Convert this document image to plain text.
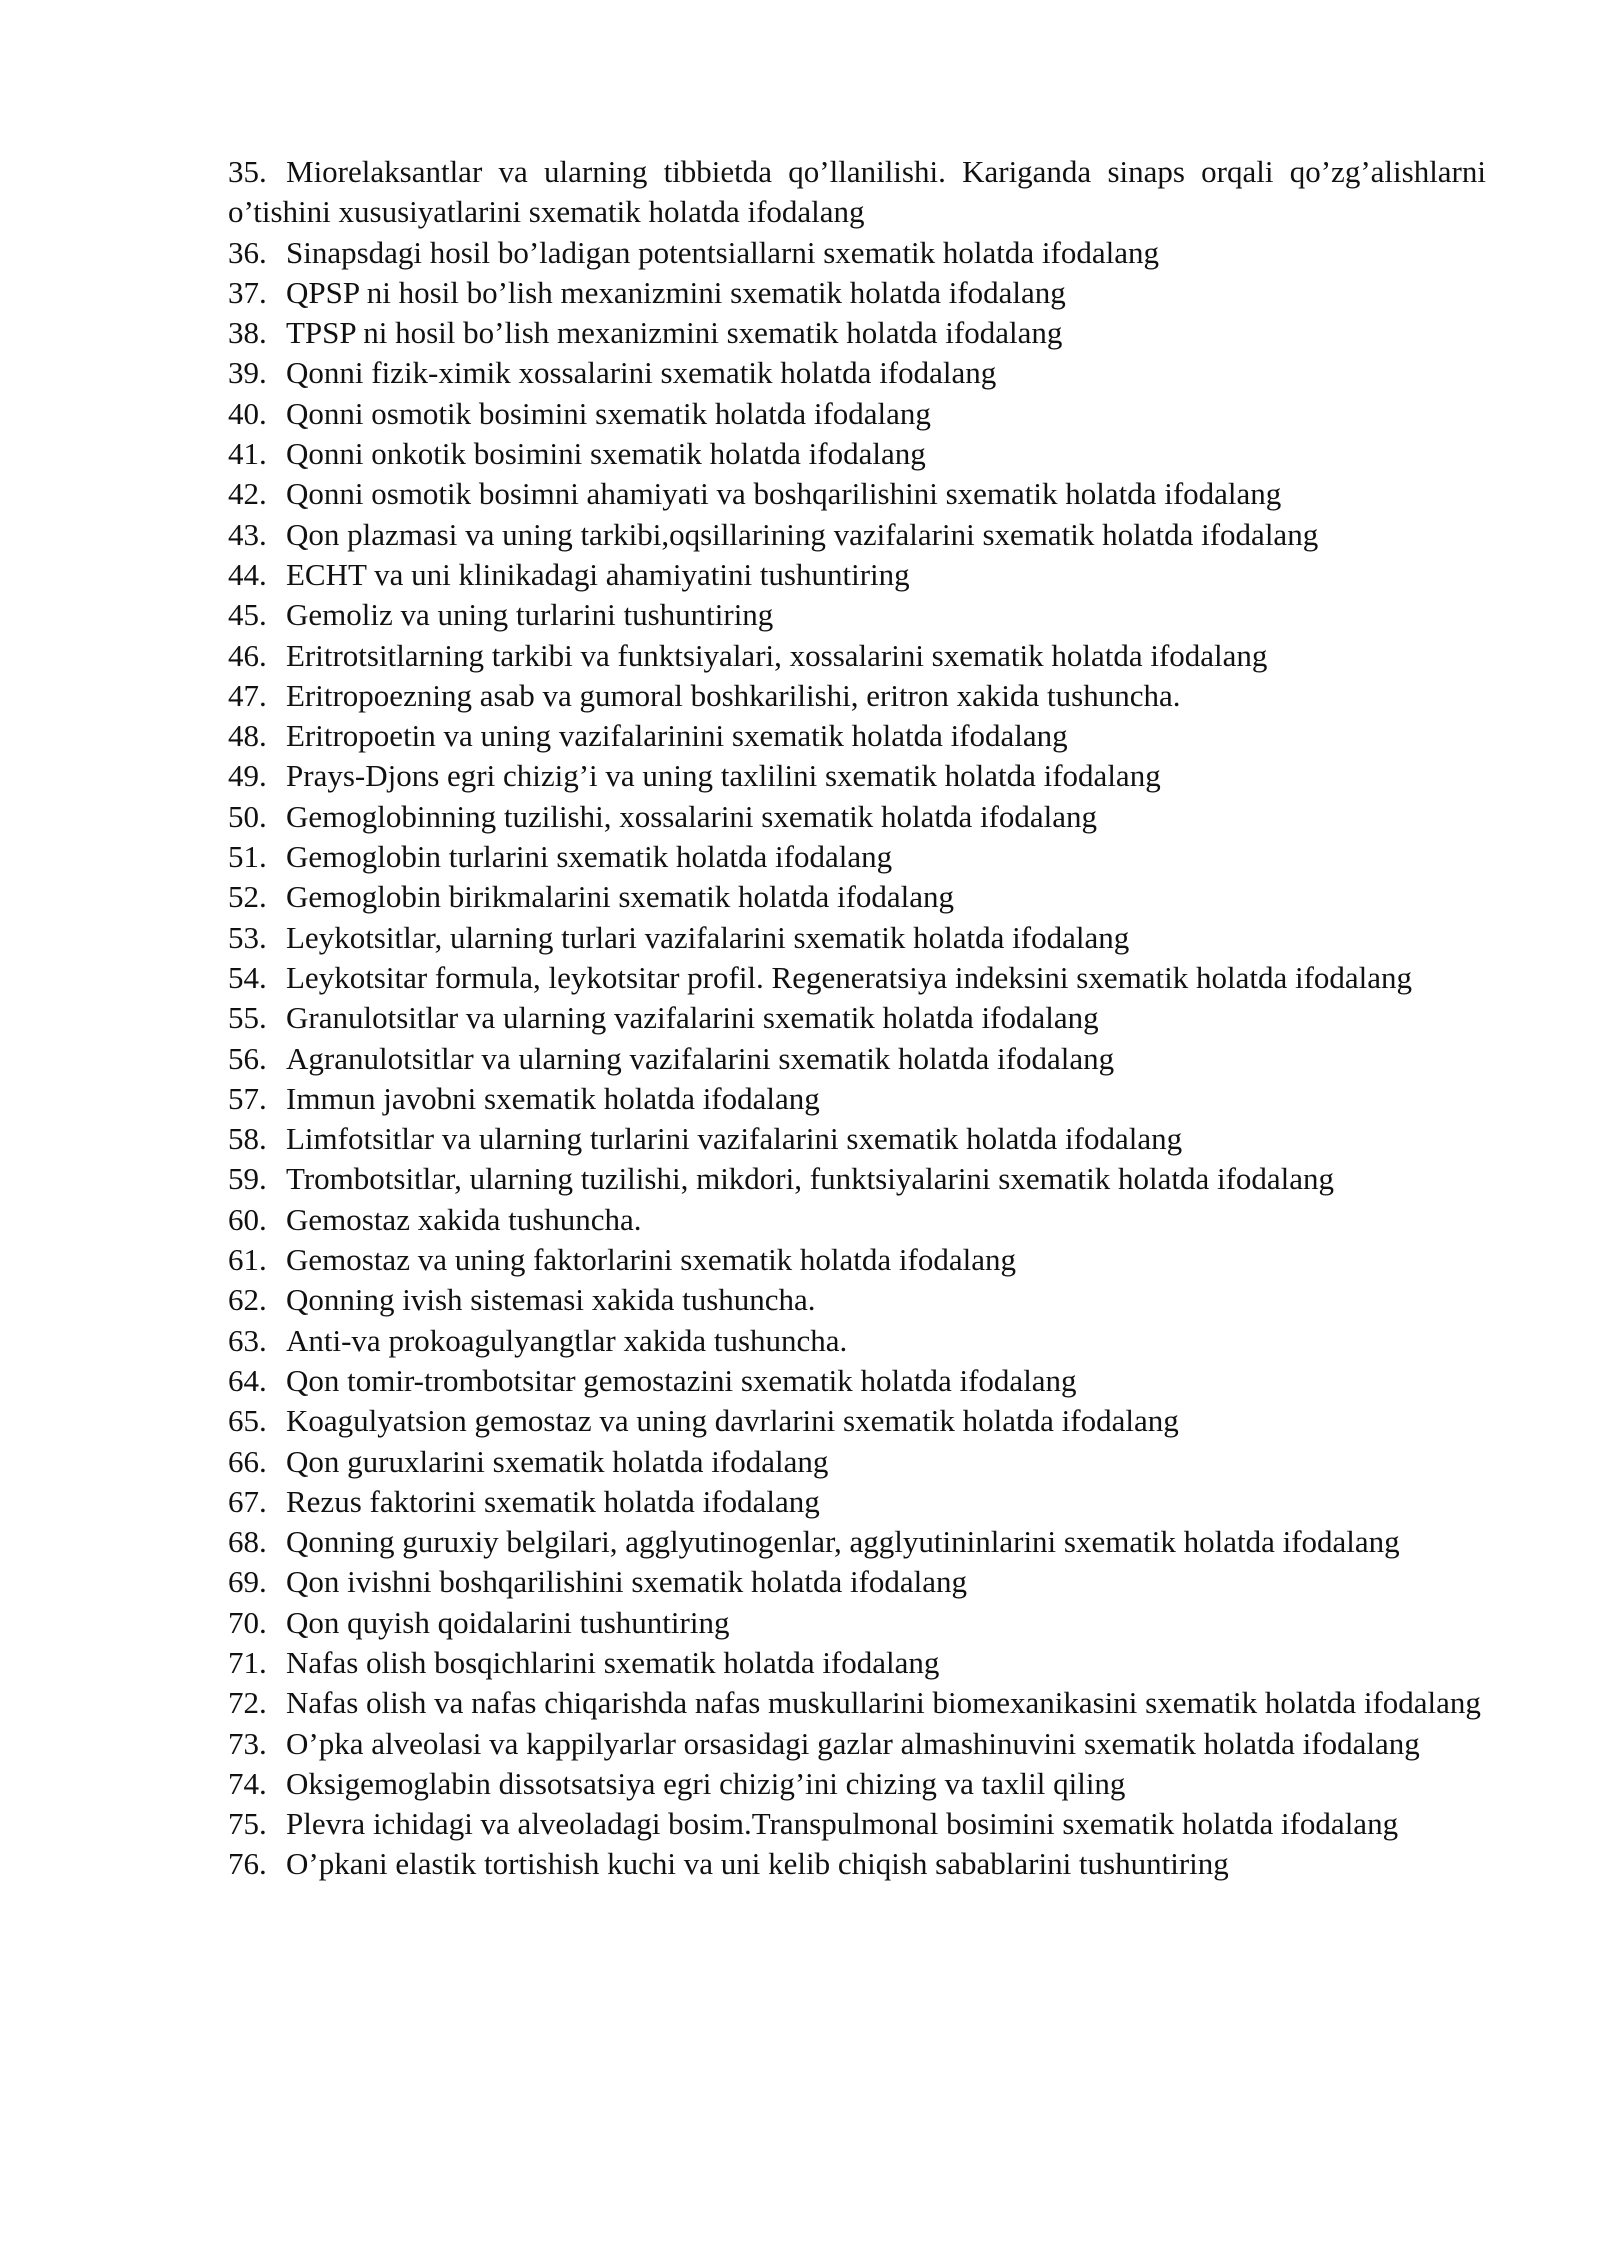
35. Miorelaksantlar va ularning tibbietda qo’llanilishi. Kariganda sinaps orqali qo’zg’alishlarni o’tishini xususiyatlarini sxematik holatda ifodalang
36. Sinapsdagi hosil bo’ladigan potentsiallarni sxematik holatda ifodalang
37. QPSP ni hosil bo’lish mexanizmini sxematik holatda ifodalang
38. TPSP ni hosil bo’lish mexanizmini sxematik holatda ifodalang
39. Qonni fizik-ximik xossalarini sxematik holatda ifodalang
40. Qonni osmotik bosimini sxematik holatda ifodalang
41. Qonni onkotik bosimini sxematik holatda ifodalang
42. Qonni osmotik bosimni ahamiyati va boshqarilishini sxematik holatda ifodalang
43. Qon plazmasi va uning tarkibi,oqsillarining vazifalarini sxematik holatda ifodalang
44. ECHT va uni klinikadagi ahamiyatini tushuntiring
45. Gemoliz va uning turlarini tushuntiring
46. Eritrotsitlarning tarkibi va funktsiyalari, xossalarini sxematik holatda ifodalang
47. Eritropoezning asab va gumoral boshkarilishi, eritron xakida tushuncha.
48. Eritropoetin va uning vazifalarinini sxematik holatda ifodalang
49. Prays-Djons egri chizig’i va uning taxlilini sxematik holatda ifodalang
50. Gemoglobinning tuzilishi, xossalarini sxematik holatda ifodalang
51. Gemoglobin turlarini sxematik holatda ifodalang
52. Gemoglobin birikmalarini sxematik holatda ifodalang
53. Leykotsitlar, ularning turlari vazifalarini sxematik holatda ifodalang
54. Leykotsitar formula, leykotsitar profil. Regeneratsiya indeksini sxematik holatda ifodalang
55. Granulotsitlar va ularning vazifalarini sxematik holatda ifodalang
56. Agranulotsitlar va ularning vazifalarini sxematik holatda ifodalang
57. Immun javobni sxematik holatda ifodalang
58. Limfotsitlar va ularning turlarini vazifalarini sxematik holatda ifodalang
59. Trombotsitlar, ularning tuzilishi, mikdori, funktsiyalarini sxematik holatda ifodalang
60. Gemostaz xakida tushuncha.
61. Gemostaz va uning faktorlarini sxematik holatda ifodalang
62. Qonning ivish sistemasi xakida tushuncha.
63. Anti-va prokoagulyangtlar xakida tushuncha.
64. Qon tomir-trombotsitar gemostazini sxematik holatda ifodalang
65. Koagulyatsion gemostaz va uning davrlarini sxematik holatda ifodalang
66. Qon guruxlarini sxematik holatda ifodalang
67. Rezus faktorini sxematik holatda ifodalang
68. Qonning guruxiy belgilari, agglyutinogenlar, agglyutininlarini sxematik holatda ifodalang
69. Qon ivishni boshqarilishini sxematik holatda ifodalang
70. Qon quyish qoidalarini tushuntiring
71. Nafas olish bosqichlarini sxematik holatda ifodalang
72. Nafas olish va nafas chiqarishda nafas muskullarini biomexanikasini sxematik holatda ifodalang
73. O’pka alveolasi va kappilyarlar orsasidagi gazlar almashinuvini sxematik holatda ifodalang
74. Oksigemoglabin dissotsatsiya egri chizig’ini chizing va taxlil qiling
75. Plevra ichidagi va alveoladagi bosim.Transpulmonal bosimini sxematik holatda ifodalang
76. O’pkani elastik tortishish kuchi va uni kelib chiqish sabablarini tushuntiring
